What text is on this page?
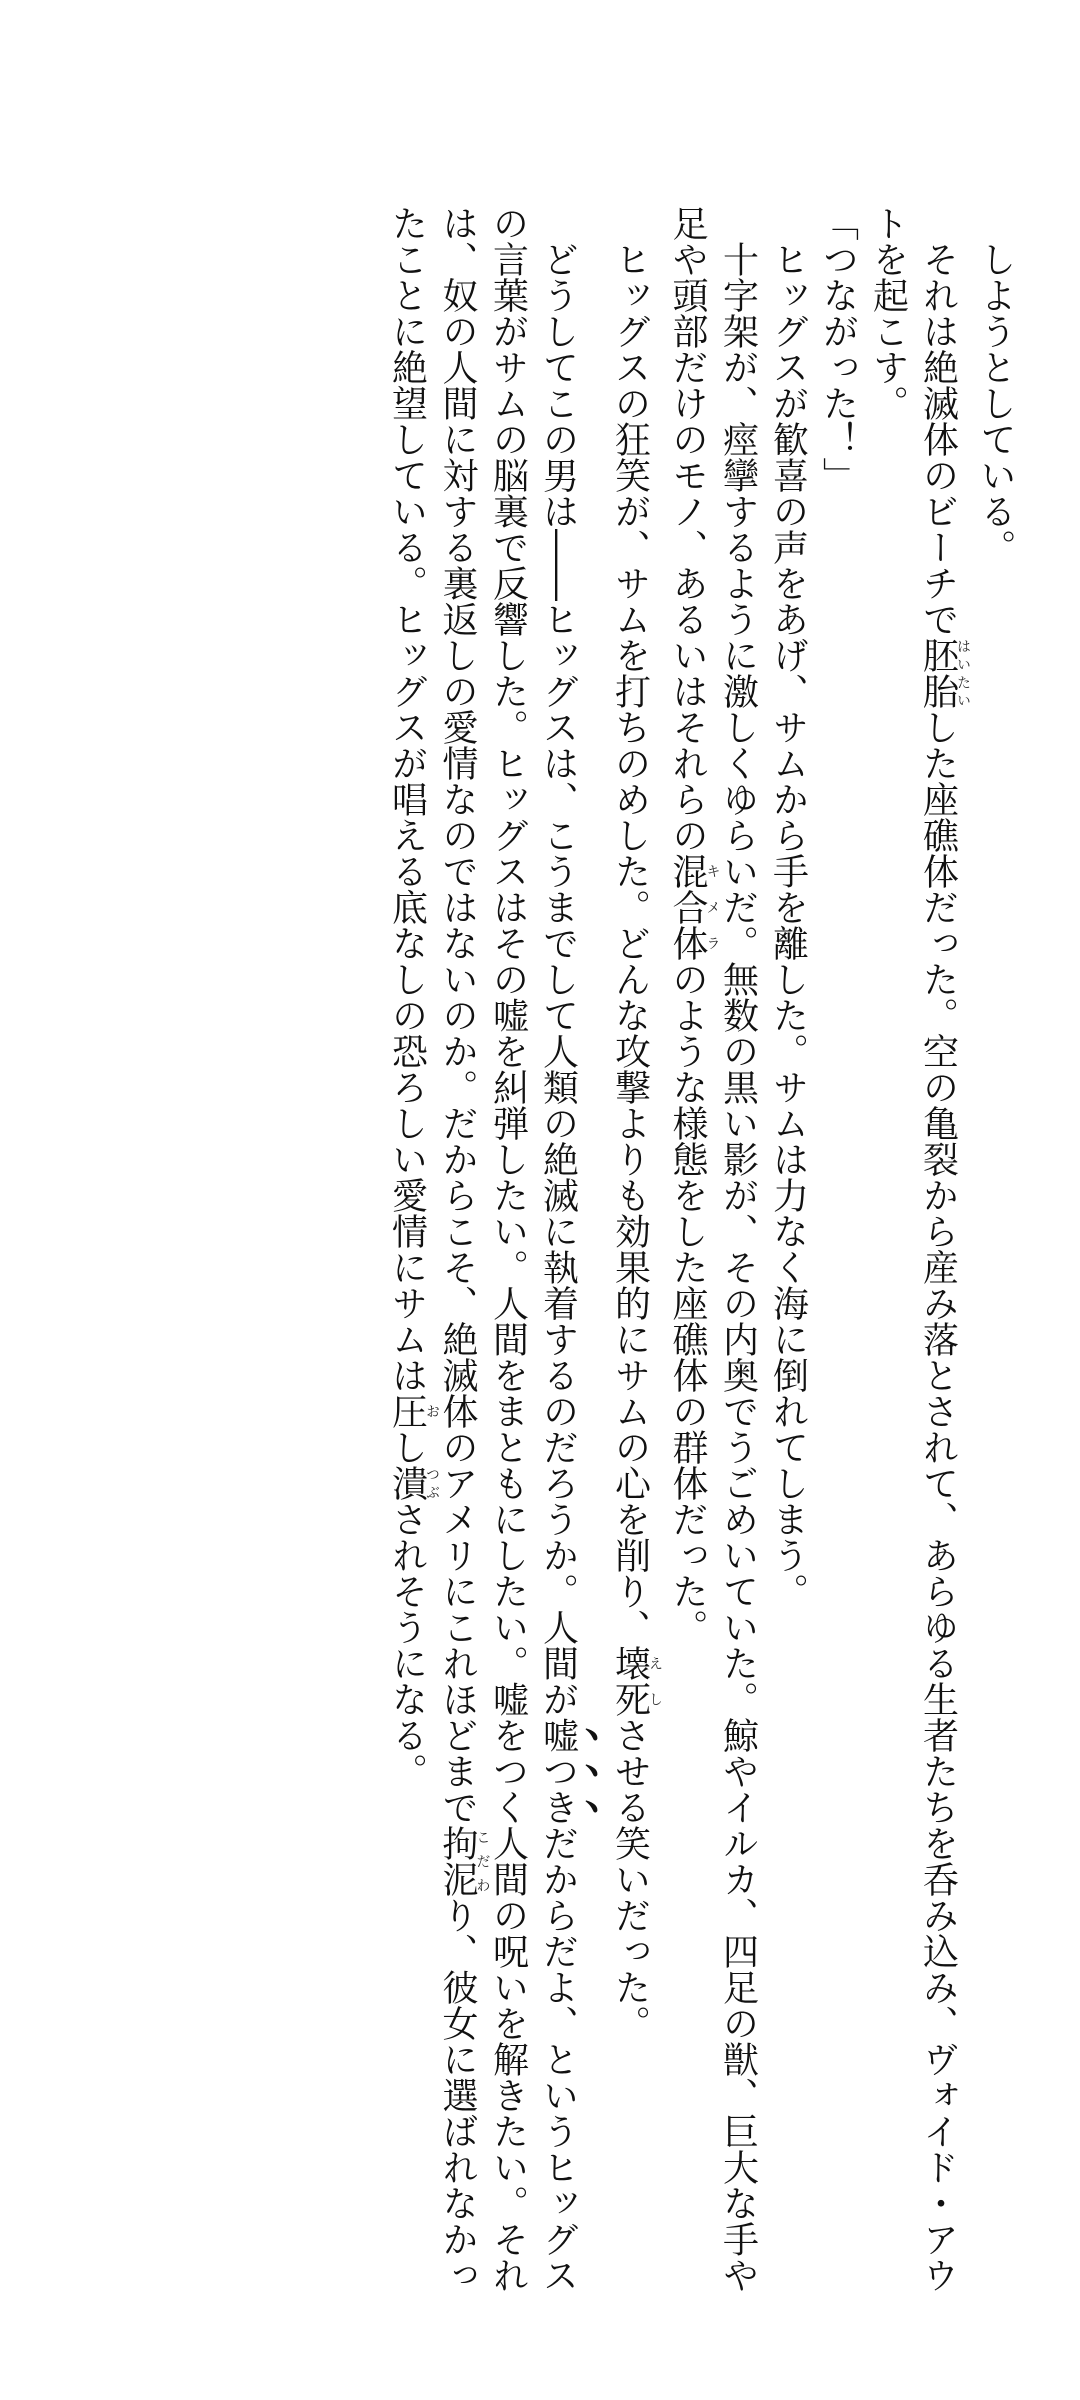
しようとしている。
それは絶滅体のビーチで胚胎はいたいした座礁体だった。空の亀裂から産み落とされて、あらゆる生者たちを呑み込み、ヴォイド・アウトを起こす。
「つながった！」
ヒッグスが歓喜の声をあげ、サムから手を離した。サムは力なく海に倒れてしまう。
十字架が、痙攣するように激しくゆらいだ。無数の黒い影が、その内奥でうごめいていた。鯨やイルカ、四足の獣、巨大な手や足や頭部だけのモノ、あるいはそれらの混合体キメラのような様態をした座礁体の群体だった。
ヒッグスの狂笑が、サムを打ちのめした。どんな攻撃よりも効果的にサムの心を削り、壊死えしさせる笑いだった。
どうしてこの男は――ヒッグスは、こうまでして人類の絶滅に執着するのだろうか。人間が嘘つきだからだよ、というヒッグスの言葉がサムの脳裏で反響した。ヒッグスはその嘘を糾弾したい。人間をまともにしたい。嘘をつく人間の呪いを解きたい。それは、奴の人間に対する裏返しの愛情なのではないのか。だからこそ、絶滅体のアメリにこれほどまで拘泥こだわり、彼女に選ばれなかったことに絶望している。ヒッグスが唱える底なしの恐ろしい愛情にサムは圧おし潰つぶされそうになる。
